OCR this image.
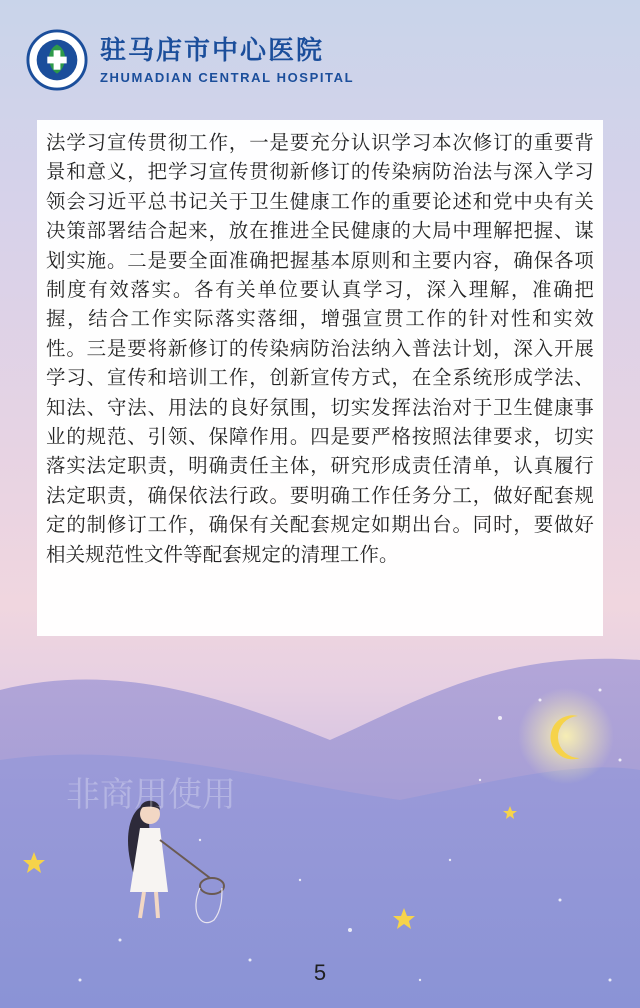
非商用使用
驻马店市中心医院
ZHUMADIAN CENTRAL HOSPITAL

法学习宣传贯彻工作，一是要充分认识学习本次修订的重要背景和意义，把学习宣传贯彻新修订的传染病防治法与深入学习领会习近平总书记关于卫生健康工作的重要论述和党中央有关决策部署结合起来，放在推进全民健康的大局中理解把握、谋划实施。二是要全面准确把握基本原则和主要内容，确保各项制度有效落实。各有关单位要认真学习，深入理解，准确把握，结合工作实际落实落细，增强宣贯工作的针对性和实效性。三是要将新修订的传染病防治法纳入普法计划，深入开展学习、宣传和培训工作，创新宣传方式，在全系统形成学法、知法、守法、用法的良好氛围，切实发挥法治对于卫生健康事业的规范、引领、保障作用。四是要严格按照法律要求，切实落实法定职责，明确责任主体，研究形成责任清单，认真履行法定职责，确保依法行政。要明确工作任务分工，做好配套规定的制修订工作，确保有关配套规定如期出台。同时，要做好相关规范性文件等配套规定的清理工作。

5
